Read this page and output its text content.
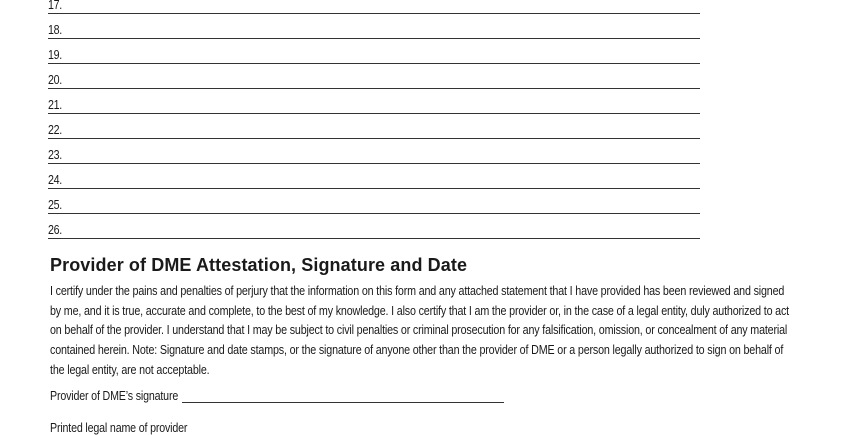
17.
18.
19.
20.
21.
22.
23.
24.
25.
26.
Provider of DME Attestation, Signature and Date

I certify under the pains and penalties of perjury that the information on this form and any attached statement that I have provided has been reviewed and signed by me, and it is true, accurate and complete, to the best of my knowledge. I also certify that I am the provider or, in the case of a legal entity, duly authorized to act on behalf of the provider. I understand that I may be subject to civil penalties or criminal prosecution for any falsification, omission, or concealment of any material contained herein. Note: Signature and date stamps, or the signature of anyone other than the provider of DME or a person legally authorized to sign on behalf of the legal entity, are not acceptable.

Provider of DME’s signature
Printed legal name of provider
